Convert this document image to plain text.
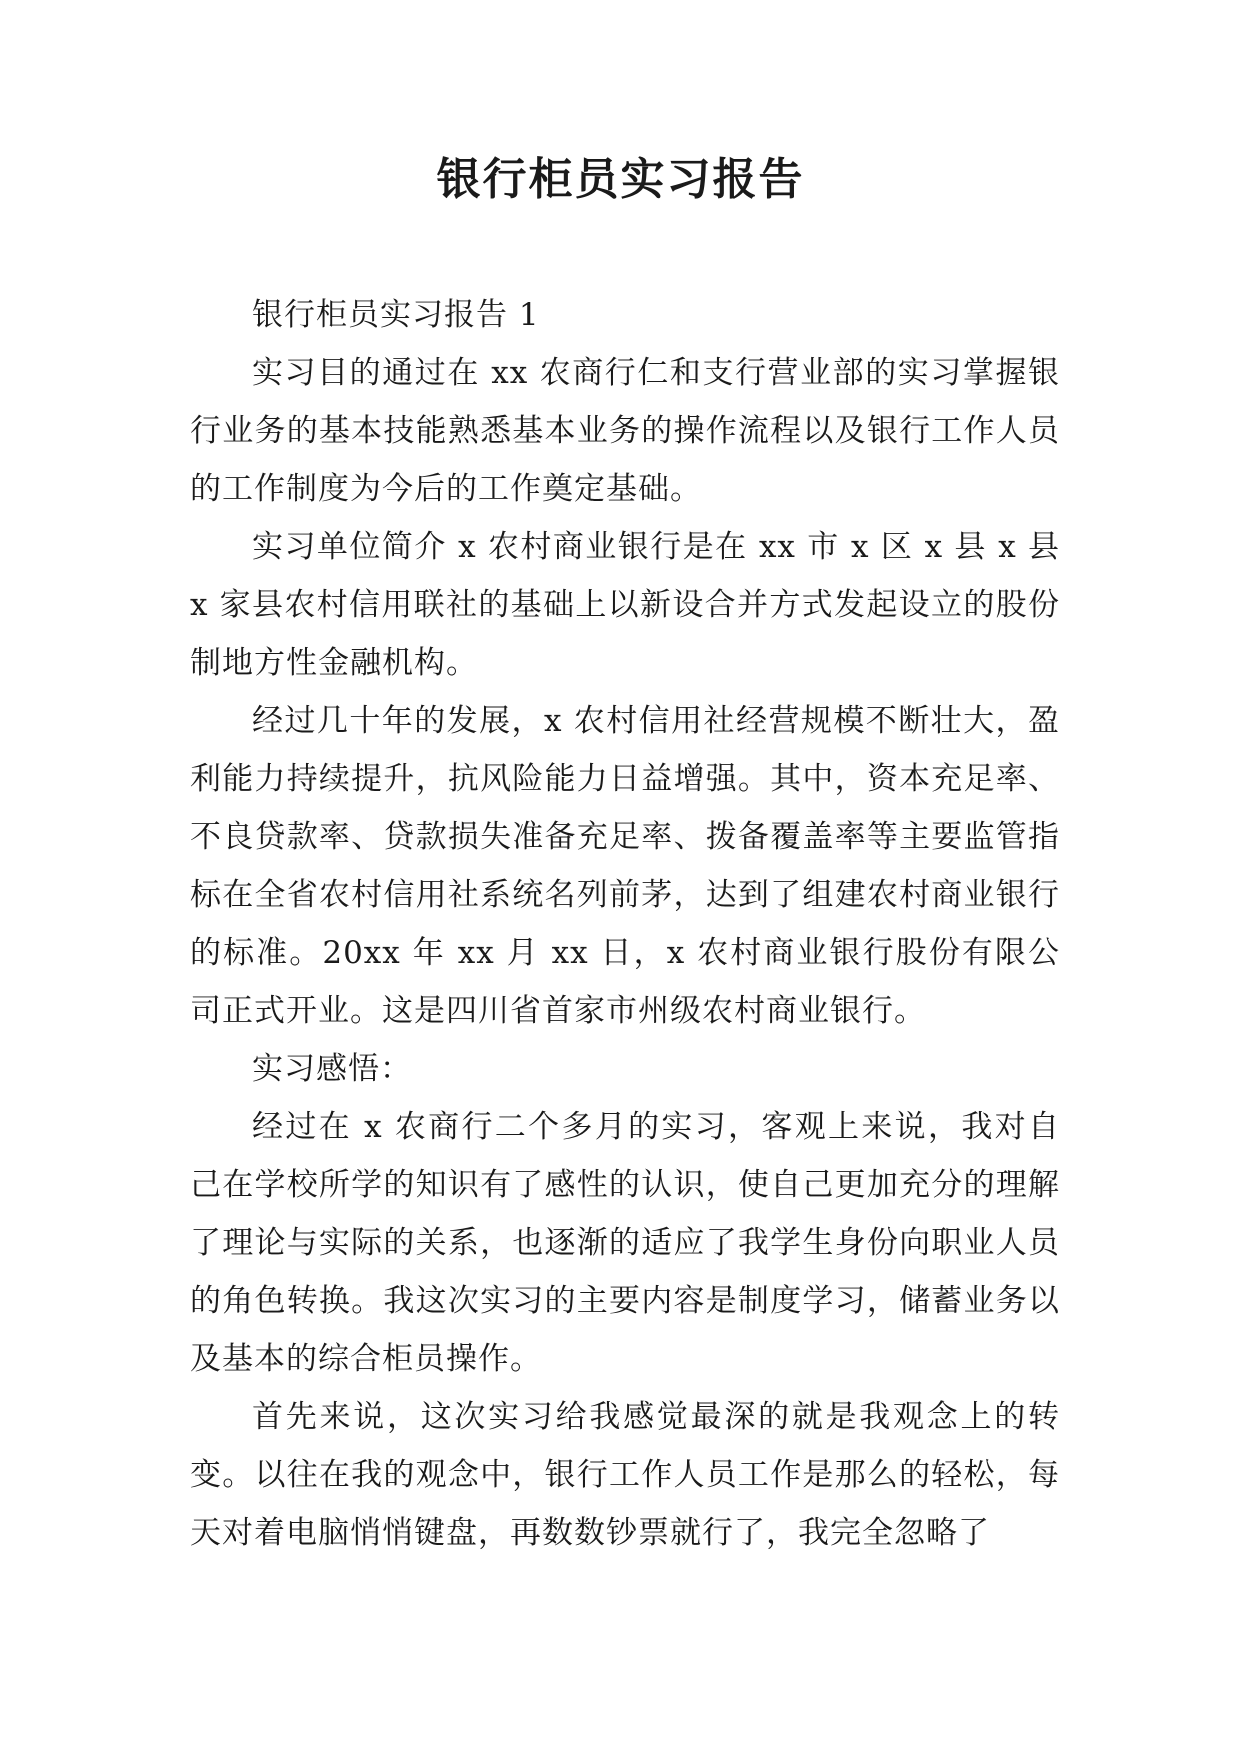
银行柜员实习报告

银行柜员实习报告 1

实习目的通过在 xx 农商行仁和支行营业部的实习掌握银行业务的基本技能熟悉基本业务的操作流程以及银行工作人员的工作制度为今后的工作奠定基础。

实习单位简介 x 农村商业银行是在 xx 市 x 区 x 县 x 县 x 家县农村信用联社的基础上以新设合并方式发起设立的股份制地方性金融机构。

经过几十年的发展，x 农村信用社经营规模不断壮大，盈利能力持续提升，抗风险能力日益增强。其中，资本充足率、不良贷款率、贷款损失准备充足率、拨备覆盖率等主要监管指标在全省农村信用社系统名列前茅，达到了组建农村商业银行的标准。20xx 年 xx 月 xx 日，x 农村商业银行股份有限公司正式开业。这是四川省首家市州级农村商业银行。

实习感悟：

经过在 x 农商行二个多月的实习，客观上来说，我对自己在学校所学的知识有了感性的认识，使自己更加充分的理解了理论与实际的关系，也逐渐的适应了我学生身份向职业人员的角色转换。我这次实习的主要内容是制度学习，储蓄业务以及基本的综合柜员操作。

首先来说，这次实习给我感觉最深的就是我观念上的转变。以往在我的观念中，银行工作人员工作是那么的轻松，每天对着电脑悄悄键盘，再数数钞票就行了，我完全忽略了
